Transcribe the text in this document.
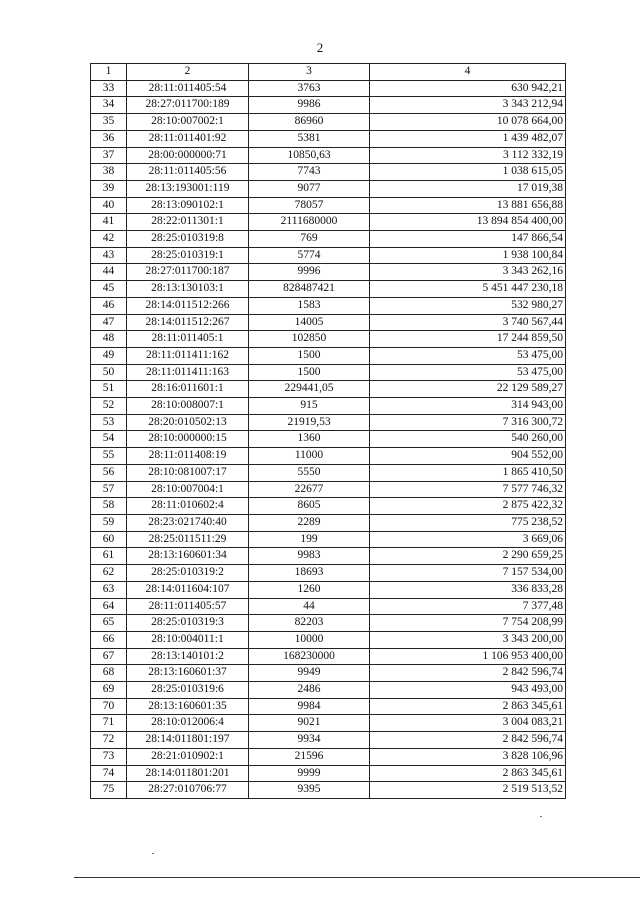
2
1	2	3	4
33	28:11:011405:54	3763	630 942,21
34	28:27:011700:189	9986	3 343 212,94
35	28:10:007002:1	86960	10 078 664,00
36	28:11:011401:92	5381	1 439 482,07
37	28:00:000000:71	10850,63	3 112 332,19
38	28:11:011405:56	7743	1 038 615,05
39	28:13:193001:119	9077	17 019,38
40	28:13:090102:1	78057	13 881 656,88
41	28:22:011301:1	2111680000	13 894 854 400,00
42	28:25:010319:8	769	147 866,54
43	28:25:010319:1	5774	1 938 100,84
44	28:27:011700:187	9996	3 343 262,16
45	28:13:130103:1	828487421	5 451 447 230,18
46	28:14:011512:266	1583	532 980,27
47	28:14:011512:267	14005	3 740 567,44
48	28:11:011405:1	102850	17 244 859,50
49	28:11:011411:162	1500	53 475,00
50	28:11:011411:163	1500	53 475,00
51	28:16:011601:1	229441,05	22 129 589,27
52	28:10:008007:1	915	314 943,00
53	28:20:010502:13	21919,53	7 316 300,72
54	28:10:000000:15	1360	540 260,00
55	28:11:011408:19	11000	904 552,00
56	28:10:081007:17	5550	1 865 410,50
57	28:10:007004:1	22677	7 577 746,32
58	28:11:010602:4	8605	2 875 422,32
59	28:23:021740:40	2289	775 238,52
60	28:25:011511:29	199	3 669,06
61	28:13:160601:34	9983	2 290 659,25
62	28:25:010319:2	18693	7 157 534,00
63	28:14:011604:107	1260	336 833,28
64	28:11:011405:57	44	7 377,48
65	28:25:010319:3	82203	7 754 208,99
66	28:10:004011:1	10000	3 343 200,00
67	28:13:140101:2	168230000	1 106 953 400,00
68	28:13:160601:37	9949	2 842 596,74
69	28:25:010319:6	2486	943 493,00
70	28:13:160601:35	9984	2 863 345,61
71	28:10:012006:4	9021	3 004 083,21
72	28:14:011801:197	9934	2 842 596,74
73	28:21:010902:1	21596	3 828 106,96
74	28:14:011801:201	9999	2 863 345,61
75	28:27:010706:77	9395	2 519 513,52
